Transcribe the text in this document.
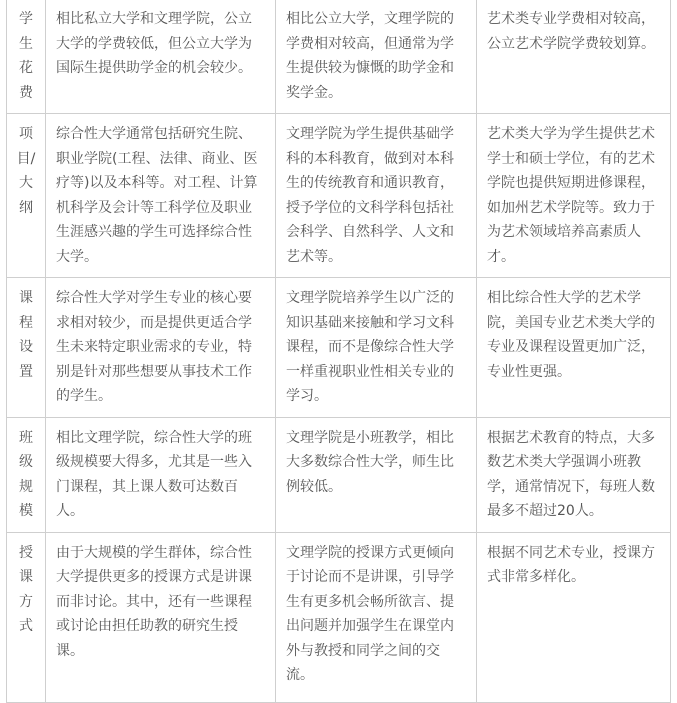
学生花费	相比私立大学和文理学院，公立大学的学费较低，但公立大学为国际生提供助学金的机会较少。	相比公立大学，文理学院的学费相对较高，但通常为学生提供较为慷慨的助学金和奖学金。	艺术类专业学费相对较高，公立艺术学院学费较划算。
项目/大纲	综合性大学通常包括研究生院、职业学院(工程、法律、商业、医疗等)以及本科等。对工程、计算机科学及会计等工科学位及职业生涯感兴趣的学生可选择综合性大学。	文理学院为学生提供基础学科的本科教育，做到对本科生的传统教育和通识教育，授予学位的文科学科包括社会科学、自然科学、人文和艺术等。	艺术类大学为学生提供艺术学士和硕士学位，有的艺术学院也提供短期进修课程，如加州艺术学院等。致力于为艺术领域培养高素质人才。
课程设置	综合性大学对学生专业的核心要求相对较少，而是提供更适合学生未来特定职业需求的专业，特别是针对那些想要从事技术工作的学生。	文理学院培养学生以广泛的知识基础来接触和学习文科课程，而不是像综合性大学一样重视职业性相关专业的学习。	相比综合性大学的艺术学院，美国专业艺术类大学的专业及课程设置更加广泛，专业性更强。
班级规模	相比文理学院，综合性大学的班级规模要大得多，尤其是一些入门课程，其上课人数可达数百人。	文理学院是小班教学，相比大多数综合性大学，师生比例较低。	根据艺术教育的特点，大多数艺术类大学强调小班教学，通常情况下，每班人数最多不超过20人。
授课方式	由于大规模的学生群体，综合性大学提供更多的授课方式是讲课而非讨论。其中，还有一些课程或讨论由担任助教的研究生授课。	文理学院的授课方式更倾向于讨论而不是讲课，引导学生有更多机会畅所欲言、提出问题并加强学生在课堂内外与教授和同学之间的交流。	根据不同艺术专业，授课方式非常多样化。
